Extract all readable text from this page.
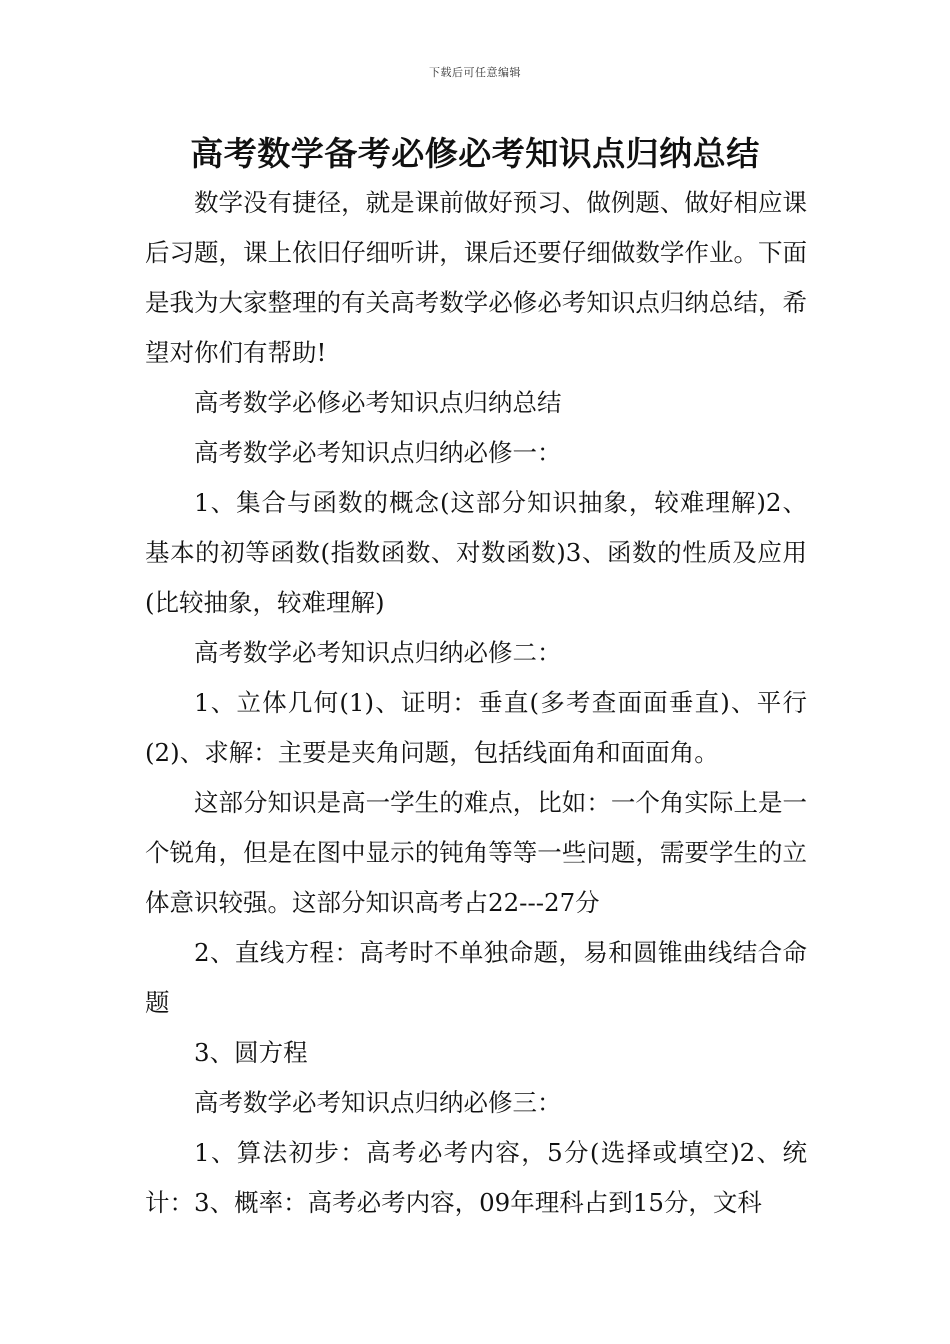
下载后可任意编辑
高考数学备考必修必考知识点归纳总结

数学没有捷径，就是课前做好预习、做例题、做好相应课后习题，课上依旧仔细听讲，课后还要仔细做数学作业。下面是我为大家整理的有关高考数学必修必考知识点归纳总结，希望对你们有帮助!

高考数学必修必考知识点归纳总结

高考数学必考知识点归纳必修一：

1、集合与函数的概念(这部分知识抽象，较难理解)2、基本的初等函数(指数函数、对数函数)3、函数的性质及应用(比较抽象，较难理解)

高考数学必考知识点归纳必修二：

1、立体几何(1)、证明：垂直(多考查面面垂直)、平行(2)、求解：主要是夹角问题，包括线面角和面面角。

这部分知识是高一学生的难点，比如：一个角实际上是一个锐角，但是在图中显示的钝角等等一些问题，需要学生的立体意识较强。这部分知识高考占22---27分

2、直线方程：高考时不单独命题，易和圆锥曲线结合命题

3、圆方程

高考数学必考知识点归纳必修三：

1、算法初步：高考必考内容，5分(选择或填空)2、统计：3、概率：高考必考内容，09年理科占到15分，文科
